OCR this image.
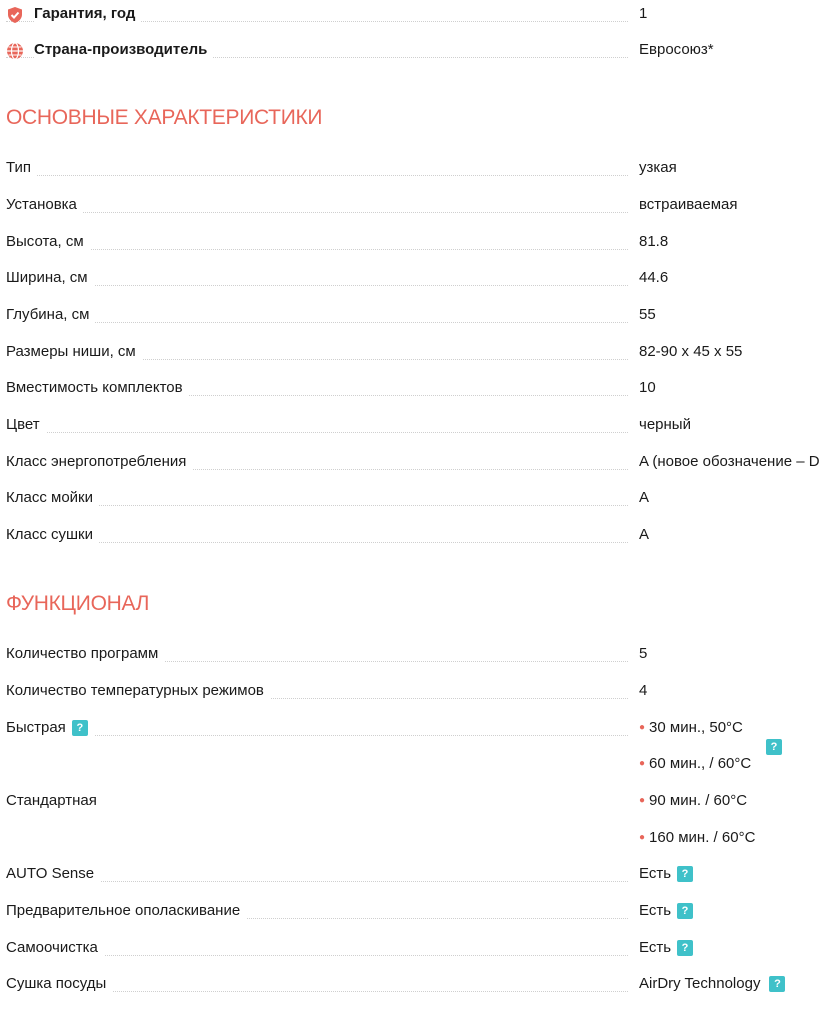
Гарантия, год	1
Страна-производитель	Евросоюз*
ОСНОВНЫЕ ХАРАКТЕРИСТИКИ
Тип	узкая
Установка	встраиваемая
Высота, см	81.8
Ширина, см	44.6
Глубина, см	55
Размеры ниши, см	82-90 х 45 х 55
Вместимость комплектов	10
Цвет	черный
Класс энергопотребления	A (новое обозначение – D
Класс мойки	A
Класс сушки	A
ФУНКЦИОНАЛ
Количество программ	5
Количество температурных режимов	4
Быстрая ?	● 30 мин., 50°C
● 60 мин., / 60°C
?
Стандартная	● 90 мин. / 60°C
● 160 мин. / 60°C
AUTO Sense	Есть ?
Предварительное ополаскивание	Есть ?
Самоочистка	Есть ?
Сушка посуды	AirDry Technology ?
